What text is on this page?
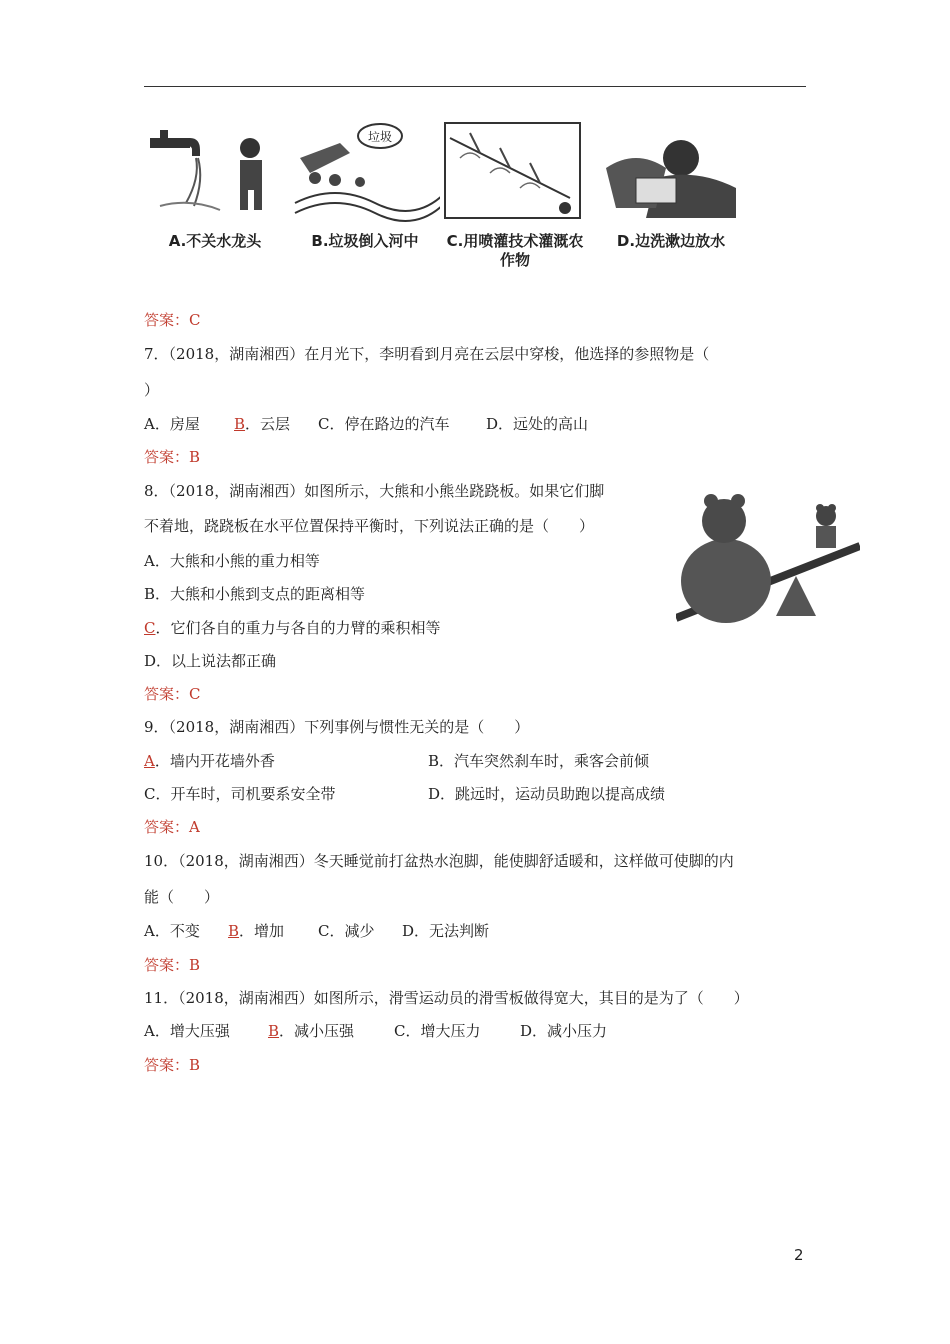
A.不关水龙头
垃圾
B.垃圾倒入河中	C.用喷灌技术灌溉农作物
D.边洗漱边放水
答案：C
7．（2018，湖南湘西）在月光下，李明看到月亮在云层中穿梭，他选择的参照物是（
）
A．房屋 B．云层 C．停在路边的汽车 D．远处的高山
答案：B
8．（2018，湖南湘西）如图所示，大熊和小熊坐跷跷板。如果它们脚
不着地，跷跷板在水平位置保持平衡时，下列说法正确的是（　　）
A．大熊和小熊的重力相等
B．大熊和小熊到支点的距离相等
C．它们各自的重力与各自的力臂的乘积相等
D．以上说法都正确
答案：C
9．（2018，湖南湘西）下列事例与惯性无关的是（　　）
A．墙内开花墙外香	B．汽车突然刹车时，乘客会前倾
C．开车时，司机要系安全带	D．跳远时，运动员助跑以提高成绩
答案：A
10．（2018，湖南湘西）冬天睡觉前打盆热水泡脚，能使脚舒适暖和，这样做可使脚的内
能（　　）
A．不变 B．增加 C．减少 D．无法判断
答案：B
11．（2018，湖南湘西）如图所示，滑雪运动员的滑雪板做得宽大，其目的是为了（　　）
A．增大压强	B．减小压强	C．增大压力	D．减小压力
答案：B
2
